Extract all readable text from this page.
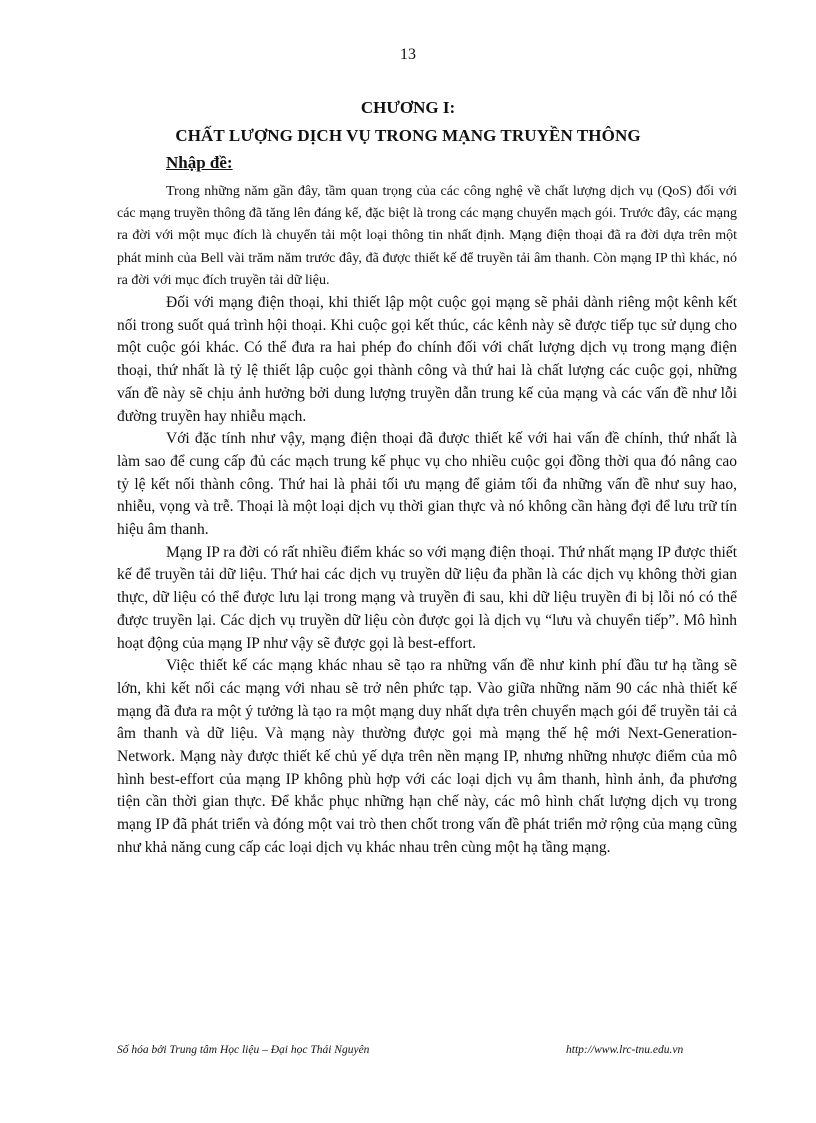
13
CHƯƠNG I:
CHẤT LƯỢNG DỊCH VỤ TRONG MẠNG TRUYỀN THÔNG
Nhập đề:

Trong những năm gần đây, tầm quan trọng của các công nghệ về chất lượng dịch vụ (QoS) đối với các mạng truyền thông đã tăng lên đáng kể, đặc biệt là trong các mạng chuyển mạch gói. Trước đây, các mạng ra đời với một mục đích là chuyển tải một loại thông tin nhất định. Mạng điện thoại đã ra đời dựa trên một phát minh của Bell vài trăm năm trước đây, đã được thiết kế để truyền tải âm thanh. Còn mạng IP thì khác, nó ra đời với mục đích truyền tải dữ liệu.

Đối với mạng điện thoại, khi thiết lập một cuộc gọi mạng sẽ phải dành riêng một kênh kết nối trong suốt quá trình hội thoại. Khi cuộc gọi kết thúc, các kênh này sẽ được tiếp tục sử dụng cho một cuộc gói khác. Có thể đưa ra hai phép đo chính đối với chất lượng dịch vụ trong mạng điện thoại, thứ nhất là tỷ lệ thiết lập cuộc gọi thành công và thứ hai là chất lượng các cuộc gọi, những vấn đề này sẽ chịu ảnh hưởng bởi dung lượng truyền dẫn trung kế của mạng và các vấn đề như lỗi đường truyền hay nhiễu mạch.

Với đặc tính như vậy, mạng điện thoại đã được thiết kế với hai vấn đề chính, thứ nhất là làm sao để cung cấp đủ các mạch trung kế phục vụ cho nhiều cuộc gọi đồng thời qua đó nâng cao tỷ lệ kết nối thành công. Thứ hai là phải tối ưu mạng để giảm tối đa những vấn đề như suy hao, nhiễu, vọng và trễ. Thoại là một loại dịch vụ thời gian thực và nó không cần hàng đợi để lưu trữ tín hiệu âm thanh.

Mạng IP ra đời có rất nhiều điểm khác so với mạng điện thoại. Thứ nhất mạng IP được thiết kế để truyền tải dữ liệu. Thứ hai các dịch vụ truyền dữ liệu đa phần là các dịch vụ không thời gian thực, dữ liệu có thể được lưu lại trong mạng và truyền đi sau, khi dữ liệu truyền đi bị lỗi nó có thể được truyền lại. Các dịch vụ truyền dữ liệu còn được gọi là dịch vụ “lưu và chuyển tiếp”. Mô hình hoạt động của mạng IP như vậy sẽ được gọi là best-effort.

Việc thiết kế các mạng khác nhau sẽ tạo ra những vấn đề như kinh phí đầu tư hạ tầng sẽ lớn, khi kết nối các mạng với nhau sẽ trở nên phức tạp. Vào giữa những năm 90 các nhà thiết kế mạng đã đưa ra một ý tưởng là tạo ra một mạng duy nhất dựa trên chuyển mạch gói để truyền tải cả âm thanh và dữ liệu. Và mạng này thường được gọi mà mạng thế hệ mới Next-Generation-Network. Mạng này được thiết kế chủ yế dựa trên nền mạng IP, nhưng những nhược điểm của mô hình best-effort của mạng IP không phù hợp với các loại dịch vụ âm thanh, hình ảnh, đa phương tiện cần thời gian thực. Để khắc phục những hạn chế này, các mô hình chất lượng dịch vụ trong mạng IP đã phát triển và đóng một vai trò then chốt trong vấn đề phát triển mở rộng của mạng cũng như khả năng cung cấp các loại dịch vụ khác nhau trên cùng một hạ tầng mạng.

Số hóa bởi Trung tâm Học liệu – Đại học Thái Nguyên	http://www.lrc-tnu.edu.vn
